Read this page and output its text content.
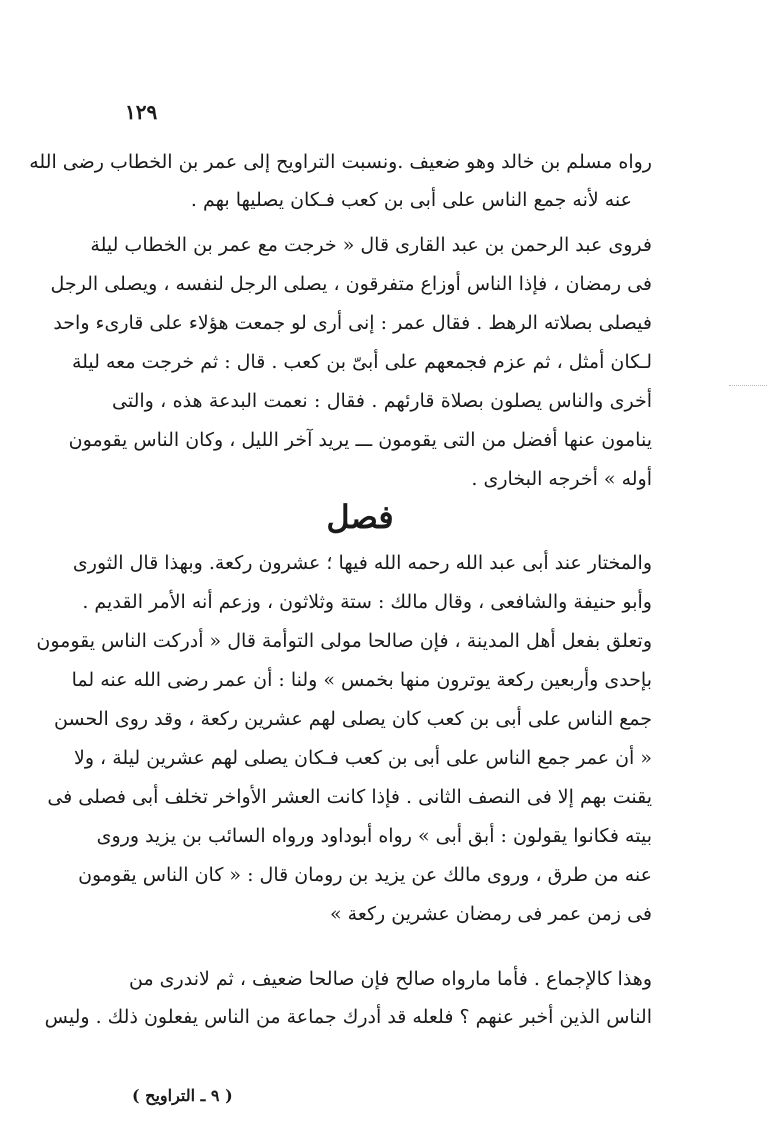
١٢٩
رواه مسلم بن خالد وهو ضعيف .ونسبت التراويح إلى عمر بن الخطاب رضى الله
عنه لأنه جمع الناس على أبى بن كعب فـكان يصليها بهم .
فروى عبد الرحمن بن عبد القارى قال « خرجت مع عمر بن الخطاب ليلة
فى رمضان ، فإذا الناس أوزاع متفرقون ، يصلى الرجل لنفسه ، ويصلى الرجل
فيصلى بصلاته الرهط . فقال عمر : إنى أرى لو جمعت هؤلاء على قارىء واحد
لـكان أمثل ، ثم عزم فجمعهم على أبىّ بن كعب . قال : ثم خرجت معه ليلة
أخرى والناس يصلون بصلاة قارئهم . فقال : نعمت البدعة هذه ، والتى
ينامون عنها أفضل من التى يقومون ـــ يريد آخر الليل ، وكان الناس يقومون
أوله » أخرجه البخارى .
فصل
والمختار عند أبى عبد الله رحمه الله فيها ؛ عشرون ركعة. وبهذا قال الثورى
وأبو حنيفة والشافعى ، وقال مالك : ستة وثلاثون ، وزعم أنه الأمر القديم .
وتعلق بفعل أهل المدينة ، فإن صالحا مولى التوأمة قال « أدركت الناس يقومون
بإحدى وأربعين ركعة يوترون منها بخمس » ولنا : أن عمر رضى الله عنه لما
جمع الناس على أبى بن كعب كان يصلى لهم عشرين ركعة ، وقد روى الحسن
« أن عمر جمع الناس على أبى بن كعب فـكان يصلى لهم عشرين ليلة ، ولا
يقنت بهم إلا فى النصف الثانى . فإذا كانت العشر الأواخر تخلف أبى فصلى فى
بيته فكانوا يقولون : أبق أبى » رواه أبوداود ورواه السائب بن يزيد وروى
عنه من طرق ، وروى مالك عن يزيد بن رومان قال : « كان الناس يقومون
فى زمن عمر فى رمضان عشرين ركعة »
وهذا كالإجماع . فأما مارواه صالح فإن صالحا ضعيف ، ثم لاندرى من
الناس الذين أخبر عنهم ؟ فلعله قد أدرك جماعة من الناس يفعلون ذلك . وليس
( ٩ ـ التراويح )
